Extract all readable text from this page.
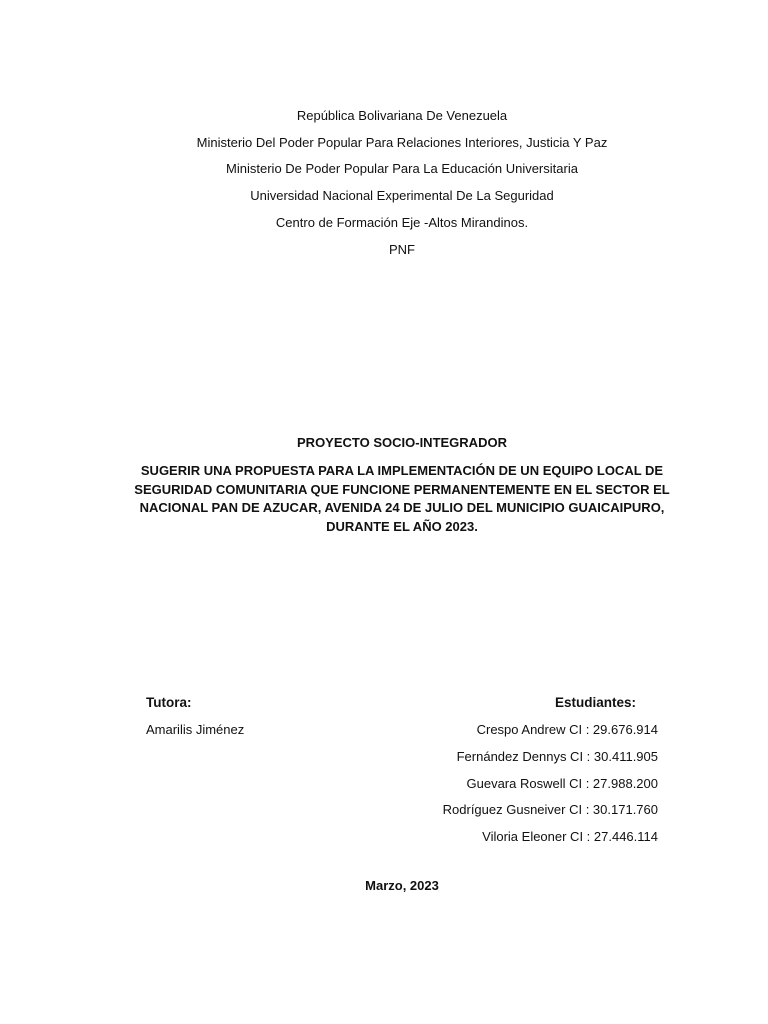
República Bolivariana De Venezuela
Ministerio Del Poder Popular Para Relaciones Interiores, Justicia Y Paz
Ministerio De Poder Popular Para La Educación Universitaria
Universidad Nacional Experimental De La Seguridad
Centro de Formación Eje -Altos Mirandinos.
PNF
PROYECTO SOCIO-INTEGRADOR
SUGERIR UNA PROPUESTA PARA LA IMPLEMENTACIÓN DE UN EQUIPO LOCAL DE SEGURIDAD COMUNITARIA QUE FUNCIONE PERMANENTEMENTE EN EL SECTOR EL NACIONAL PAN DE AZUCAR, AVENIDA 24 DE JULIO DEL MUNICIPIO GUAICAIPURO, DURANTE EL AÑO 2023.
Tutora:
Amarilis Jiménez
Estudiantes:
Crespo Andrew CI : 29.676.914
Fernández Dennys CI : 30.411.905
Guevara Roswell CI : 27.988.200
Rodríguez Gusneiver CI : 30.171.760
Viloria Eleoner CI : 27.446.114
Marzo, 2023
